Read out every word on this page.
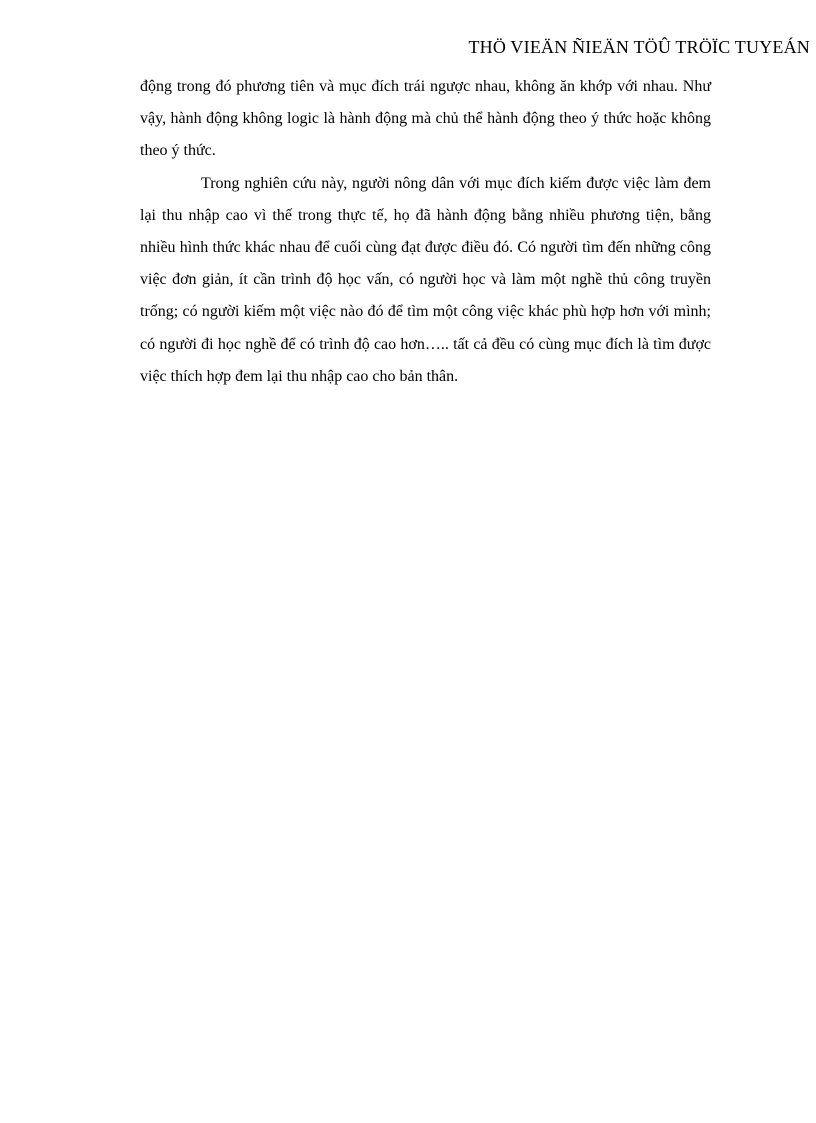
THÖ VIEÄN ÑIEÄN TÖÛ TRÖÏC TUYEÁN

động trong đó phương tiên và mục đích trái ngược nhau, không ăn khớp với nhau. Như vậy, hành động không logic là hành động mà chủ thể hành động theo ý thức hoặc không theo ý thức.

Trong nghiên cứu này, người nông dân với mục đích kiếm được việc làm đem lại thu nhập cao vì thế trong thực tế, họ đã hành động bằng nhiều phương tiện, bằng nhiều hình thức khác nhau để cuối cùng đạt được điều đó. Có người tìm đến những công việc đơn giản, ít cần trình độ học vấn, có người học và làm một nghề thủ công truyền trống; có người kiếm một việc nào đó để tìm một công việc khác phù hợp hơn với mình; có người đi học nghề để có trình độ cao hơn….. tất cả đều có cùng mục đích là tìm được việc thích hợp đem lại thu nhập cao cho bản thân.
